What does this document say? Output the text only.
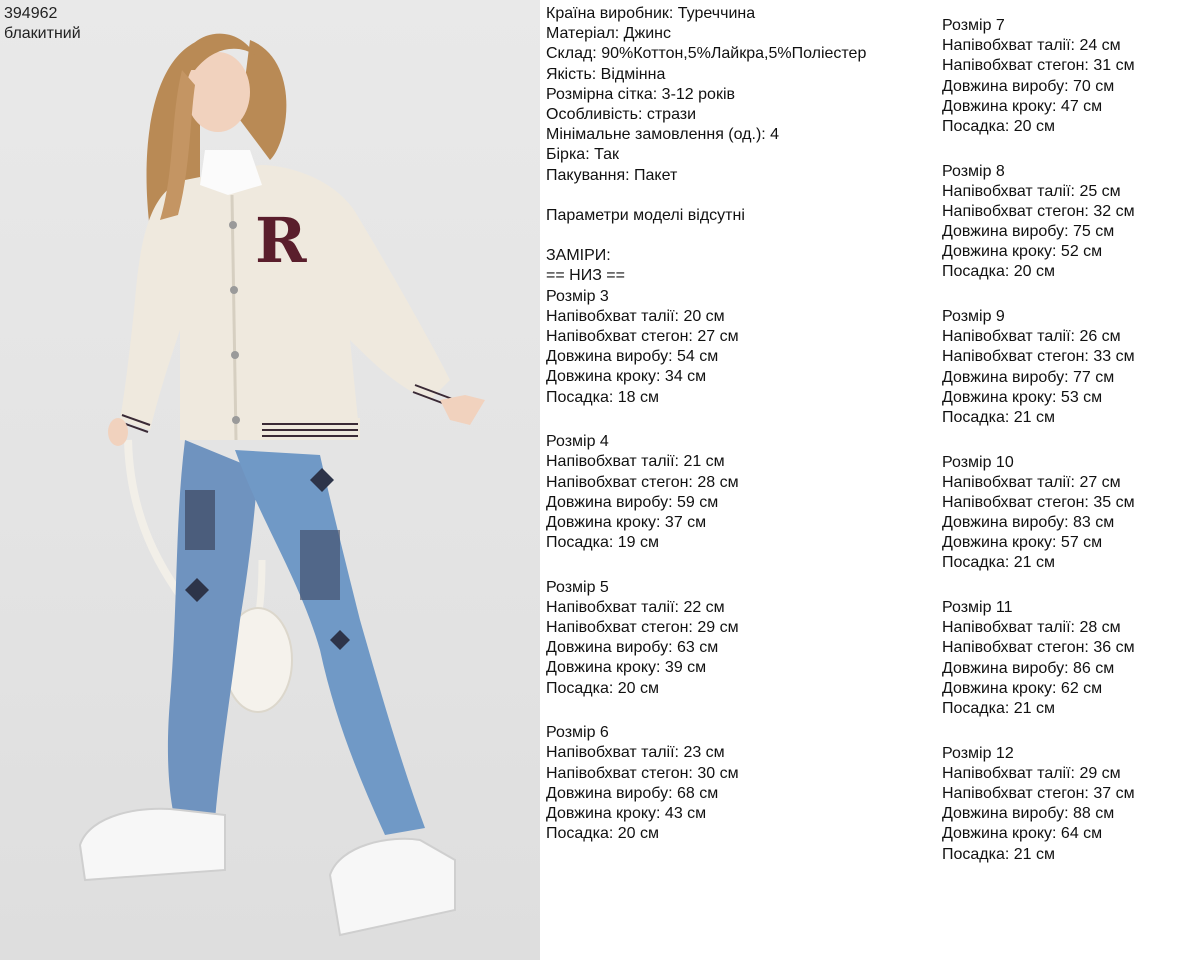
R
394962
блакитний
Країна виробник: Туреччина
Матеріал: Джинс
Склад: 90%Коттон,5%Лайкра,5%Поліестер
Якість: Відмінна
Розмірна сітка: 3-12 років
Особливість: стрази
Мінімальне замовлення (од.): 4
Бірка: Так
Пакування: Пакет
Параметри моделі відсутні
ЗАМІРИ:
== НИЗ ==
Розмір 3
Напівобхват талії: 20 см
Напівобхват стегон: 27 см
Довжина виробу: 54 см
Довжина кроку: 34 см
Посадка: 18 см
Розмір 4
Напівобхват талії: 21 см
Напівобхват стегон: 28 см
Довжина виробу: 59 см
Довжина кроку: 37 см
Посадка: 19 см
Розмір 5
Напівобхват талії: 22 см
Напівобхват стегон: 29 см
Довжина виробу: 63 см
Довжина кроку: 39 см
Посадка: 20 см
Розмір 6
Напівобхват талії: 23 см
Напівобхват стегон: 30 см
Довжина виробу: 68 см
Довжина кроку: 43 см
Посадка: 20 см
Розмір 7
Напівобхват талії: 24 см
Напівобхват стегон: 31 см
Довжина виробу: 70 см
Довжина кроку: 47 см
Посадка: 20 см
Розмір 8
Напівобхват талії: 25 см
Напівобхват стегон: 32 см
Довжина виробу: 75 см
Довжина кроку: 52 см
Посадка: 20 см
Розмір 9
Напівобхват талії: 26 см
Напівобхват стегон: 33 см
Довжина виробу: 77 см
Довжина кроку: 53 см
Посадка: 21 см
Розмір 10
Напівобхват талії: 27 см
Напівобхват стегон: 35 см
Довжина виробу: 83 см
Довжина кроку: 57 см
Посадка: 21 см
Розмір 11
Напівобхват талії: 28 см
Напівобхват стегон: 36 см
Довжина виробу: 86 см
Довжина кроку: 62 см
Посадка: 21 см
Розмір 12
Напівобхват талії: 29 см
Напівобхват стегон: 37 см
Довжина виробу: 88 см
Довжина кроку: 64 см
Посадка: 21 см
